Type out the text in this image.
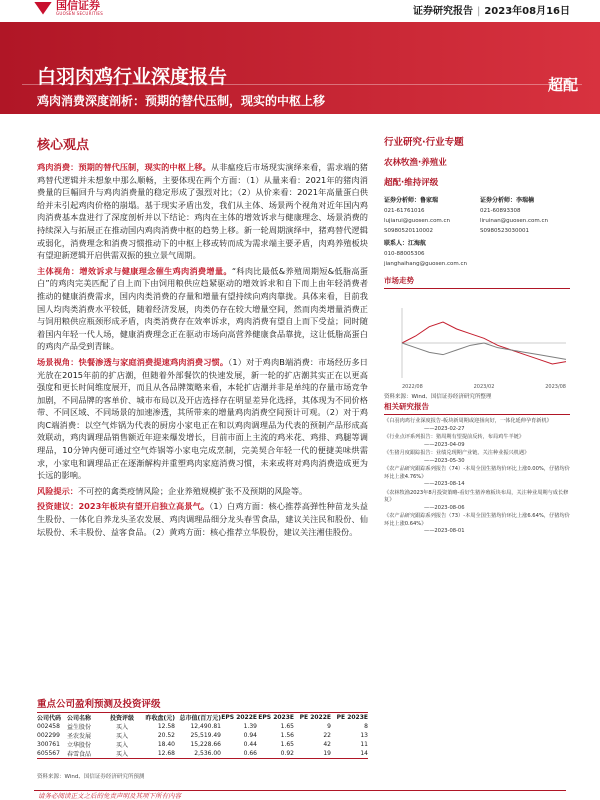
国信证券
GUOSEN SECURITIES	证券研究报告 | 2023年08月16日
白羽肉鸡行业深度报告
鸡肉消费深度剖析：预期的替代压制，现实的中枢上移
超配
核心观点

鸡肉消费：预期的替代压制，现实的中枢上移。从非瘟疫后市场现实演绎来看，需求端的猪鸡替代逻辑并未想象中那么顺畅，主要体现在两个方面：（1）从量来看：2021年的猪肉消费量的巨幅回升与鸡肉消费量的稳定形成了强烈对比；（2）从价来看：2021年高量蛋白供给并未引起鸡肉价格的崩塌。基于现实矛盾出发，我们从主体、场景两个视角对近年国内鸡肉消费基本盘进行了深度剖析并以下结论：鸡肉在主体的增效诉求与健康理念、场景消费的持续深入与拓展正在推动国内鸡肉消费中枢的趋势上移。新一轮周期演绎中，猪鸡替代逻辑或弱化，消费理念和消费习惯推动下的中枢上移或转而成为需求端主要矛盾，肉鸡养殖板块有望迎新逻辑开启供需双振的独立景气周期。

主体视角：增效诉求与健康理念催生鸡肉消费增量。“科肉比最低&养殖周期短&低脂高蛋白”的鸡肉完美匹配了自上而下由饲用粮供应趋紧驱动的增效诉求和自下而上由年轻消费者推动的健康消费需求，国内肉类消费的存量和增量有望持续向鸡肉靠拢。具体来看，目前我国人均肉类消费水平较低，随着经济发展，肉类仍存在较大增量空间，然而肉类增量消费正与饲用粮供应瓶颈形成矛盾，肉类消费存在效率诉求，鸡肉消费有望自上而下受益；同时随着国内年轻一代人场，健康消费理念正在驱动市场向高营养健康食品靠拢，这让低脂高蛋白的鸡肉产品受到青睐。

场景视角：快餐渗透与家庭消费提速鸡肉消费习惯。（1）对于鸡肉B端消费：市场经历多日光放在2015年前的扩店潮，但随着外部餐饮的快速发展，新一轮的扩店潮其实正在以更高强度和更长时间维度展开，而且从各品牌策略来看，本轮扩店潮并非是单纯的存量市场竞争加剧，不同品牌的客单价、城市布局以及开店选择存在明显差异化选择，其体现为不同价格带、不同区域、不同场景的加速渗透，其所带来的增量鸡肉消费空间预计可观。（2）对于鸡肉C端消费：以空气炸锅为代表的厨房小家电正在和以鸡肉调理品为代表的预制产品形成高效联动，鸡肉调理品销售额近年迎来爆发增长，目前市面上主流的鸡米花、鸡排、鸡腿等调理品，10分钟内便可通过空气炸锅等小家电完成烹制，完美契合年轻一代的便捷美味烘需求，小家电和调理品正在逐渐解构并重塑鸡肉家庭消费习惯，未来或将对鸡肉消费造成更为长远的影响。

风险提示：不可控的禽类疫情风险；企业养殖规模扩张不及预期的风险等。

投资建议：2023年板块有望开启独立高景气。（1）白鸡方面：核心推荐高弹性种苗龙头益生股份、一体化自养龙头圣农发展、鸡肉调理品细分龙头春雪食品，建议关注民和股份、仙坛股份、禾丰股份、益客食品。（2）黄鸡方面：核心推荐立华股份，建议关注湘佳股份。

重点公司盈利预测及投资评级
公司代码 公司名称	投资评级	昨收盘(元) 总市值(百万元) EPS 2022E EPS 2023E PE 2022E PE 2023E
002458	益生股份	买入	12.58	12,490.81	1.39	1.65	9	8
002299	圣农发展	买入	20.52	25,519.49	0.94	1.56	22	13
300761	立华股份	买入	18.40	15,228.66	0.44	1.65	42	11
605567	春雪食品	买入	12.68	2,536.00	0.66	0.92	19	14
资料来源：Wind、国信证券经济研究所预测
行业研究·行业专题
农林牧渔·养殖业
超配·维持评级
证券分析师：鲁家瑞
021-61761016
lujiarui@guosen.com.cn
S0980520110002
证券分析师：李瑞楠
021-60893308
liruinan@guosen.com.cn
S0980523030001
联系人：江海航
010-88005306
jianghaihang@guosen.com.cn
市场走势
2022/08	2023/02	2023/08
资料来源：Wind、国信证券经济研究所整理
相关研究报告
《白羽肉鸡行业深度报告-板块新周期或迎扬向好，一体化延伸孕育新机》
——2023-02-27
《行业点评系列报告：猪周期有望提前反转，布局鸡牛羊链》
——2023-04-09
《生猪月度跟踪报告：业绩兑现期产业链、关注种业振兴机遇》
——2023-05-30
《农产品研究跟踪系列报告（74）-本周全国生猪均价环比上涨0.00%，仔猪均价环比上涨4.76%》
——2023-08-14
《农林牧渔2023年8月投资策略-看好生猪养殖板块布局，关注种业周期与成长修复》
——2023-08-06
《农产品研究跟踪系列报告（73）-本周全国生猪均价环比上涨6.64%，仔猪均价环比上涨0.64%》
——2023-08-01
请务必阅读正文之后的免责声明及其项下所有内容
